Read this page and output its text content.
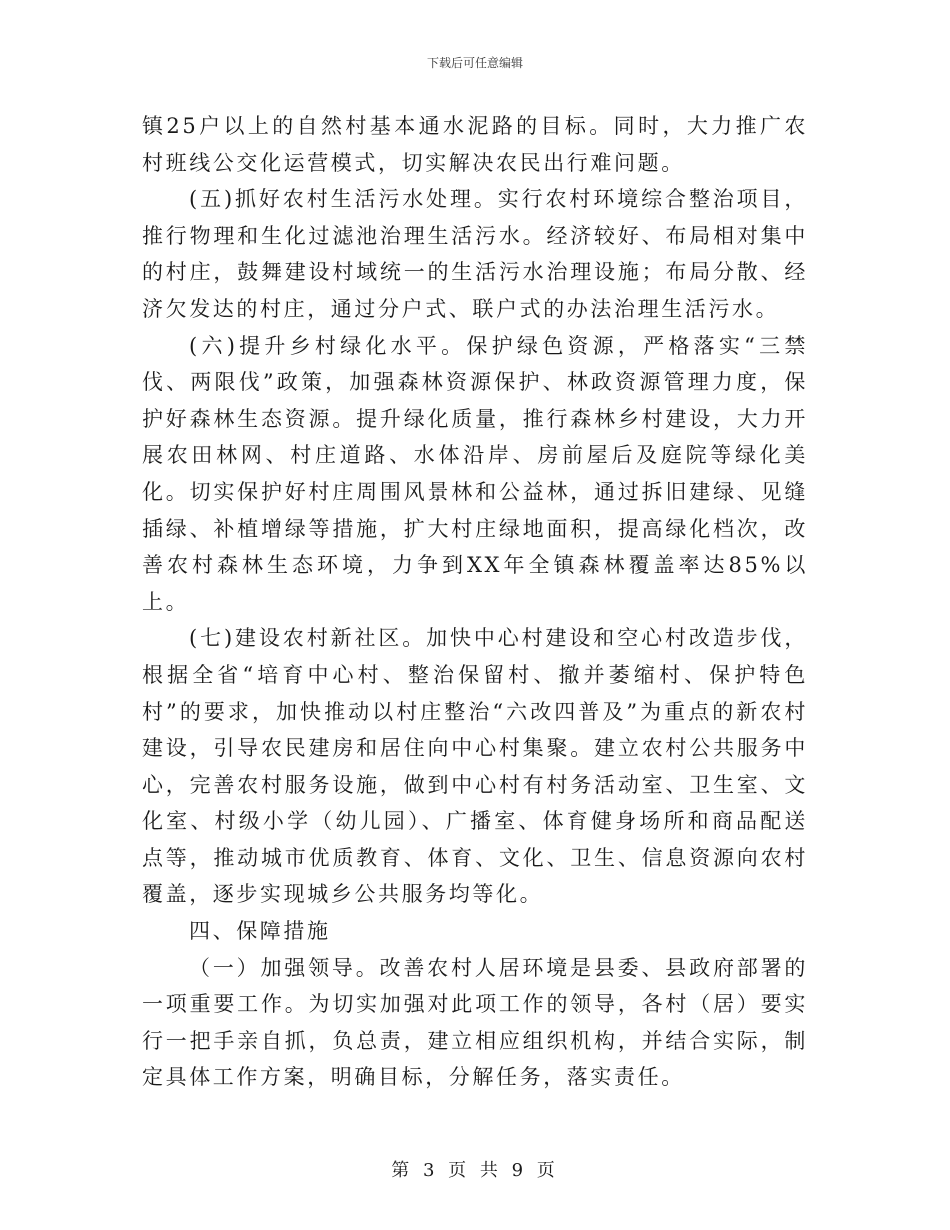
下载后可任意编辑

镇25户以上的自然村基本通水泥路的目标。同时，大力推广农村班线公交化运营模式，切实解决农民出行难问题。

(五)抓好农村生活污水处理。实行农村环境综合整治项目，推行物理和生化过滤池治理生活污水。经济较好、布局相对集中的村庄，鼓舞建设村域统一的生活污水治理设施；布局分散、经济欠发达的村庄，通过分户式、联户式的办法治理生活污水。

(六)提升乡村绿化水平。保护绿色资源，严格落实“三禁伐、两限伐”政策，加强森林资源保护、林政资源管理力度，保护好森林生态资源。提升绿化质量，推行森林乡村建设，大力开展农田林网、村庄道路、水体沿岸、房前屋后及庭院等绿化美化。切实保护好村庄周围风景林和公益林，通过拆旧建绿、见缝插绿、补植增绿等措施，扩大村庄绿地面积，提高绿化档次，改善农村森林生态环境，力争到XX年全镇森林覆盖率达85%以上。

(七)建设农村新社区。加快中心村建设和空心村改造步伐，根据全省“培育中心村、整治保留村、撤并萎缩村、保护特色村”的要求，加快推动以村庄整治“六改四普及”为重点的新农村建设，引导农民建房和居住向中心村集聚。建立农村公共服务中心，完善农村服务设施，做到中心村有村务活动室、卫生室、文化室、村级小学（幼儿园）、广播室、体育健身场所和商品配送点等，推动城市优质教育、体育、文化、卫生、信息资源向农村覆盖，逐步实现城乡公共服务均等化。

四、保障措施

（一）加强领导。改善农村人居环境是县委、县政府部署的一项重要工作。为切实加强对此项工作的领导，各村（居）要实行一把手亲自抓，负总责，建立相应组织机构，并结合实际，制定具体工作方案，明确目标，分解任务，落实责任。

第 3 页 共 9 页
